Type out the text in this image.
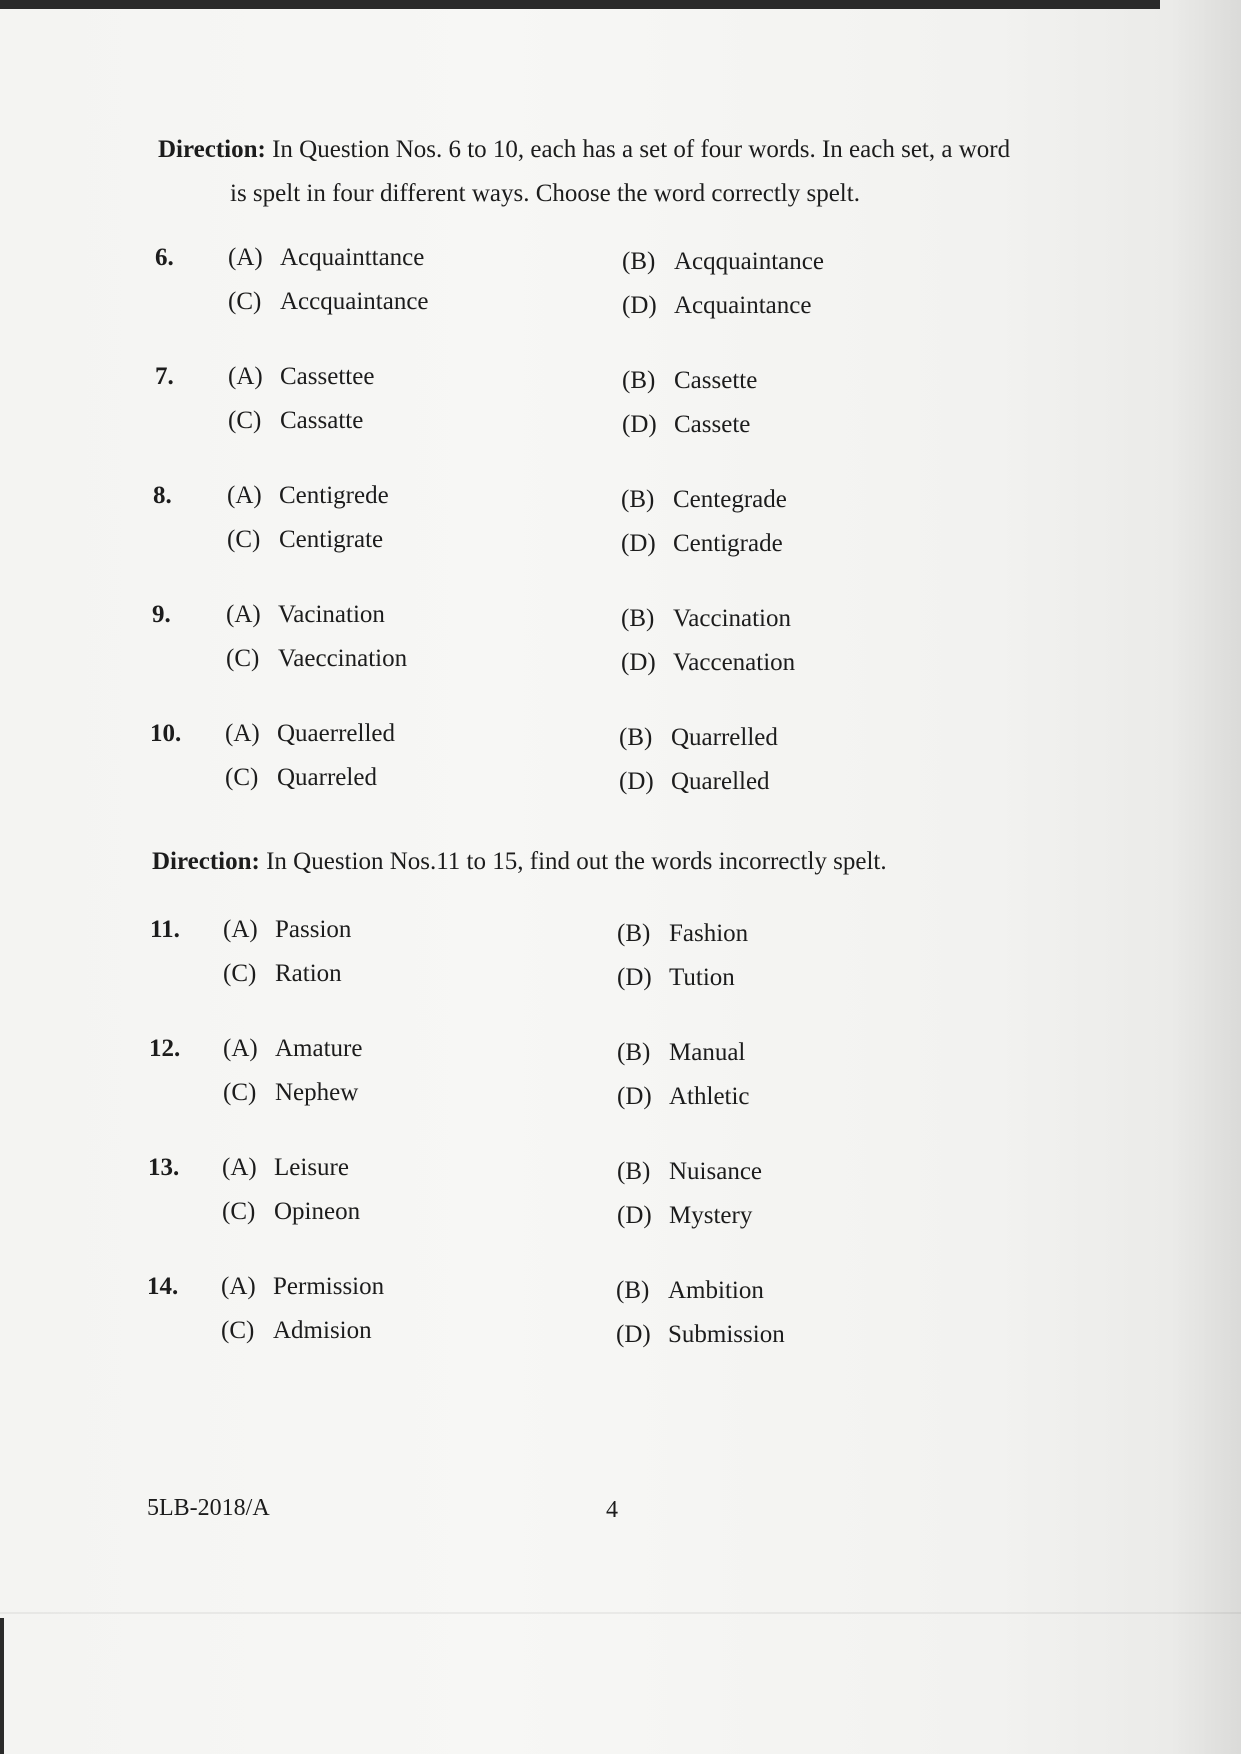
Direction: In Question Nos. 6 to 10, each has a set of four words. In each set, a word
is spelt in four different ways. Choose the word correctly spelt.
6. (A) Acquainttance	(B) Acqquaintance
(C) Accquaintance	(D) Acquaintance
7. (A) Cassettee	(B) Cassette
(C) Cassatte	(D) Cassete
8. (A) Centigrede	(B) Centegrade
(C) Centigrate	(D) Centigrade
9. (A) Vacination	(B) Vaccination
(C) Vaeccination	(D) Vaccenation
10. (A) Quaerrelled	(B) Quarrelled
(C) Quarreled	(D) Quarelled
Direction: In Question Nos.11 to 15, find out the words incorrectly spelt.
11. (A) Passion	(B) Fashion
(C) Ration	(D) Tution
12. (A) Amature	(B) Manual
(C) Nephew	(D) Athletic
13. (A) Leisure	(B) Nuisance
(C) Opineon	(D) Mystery
14. (A) Permission	(B) Ambition
(C) Admision	(D) Submission
5LB-2018/A	4
